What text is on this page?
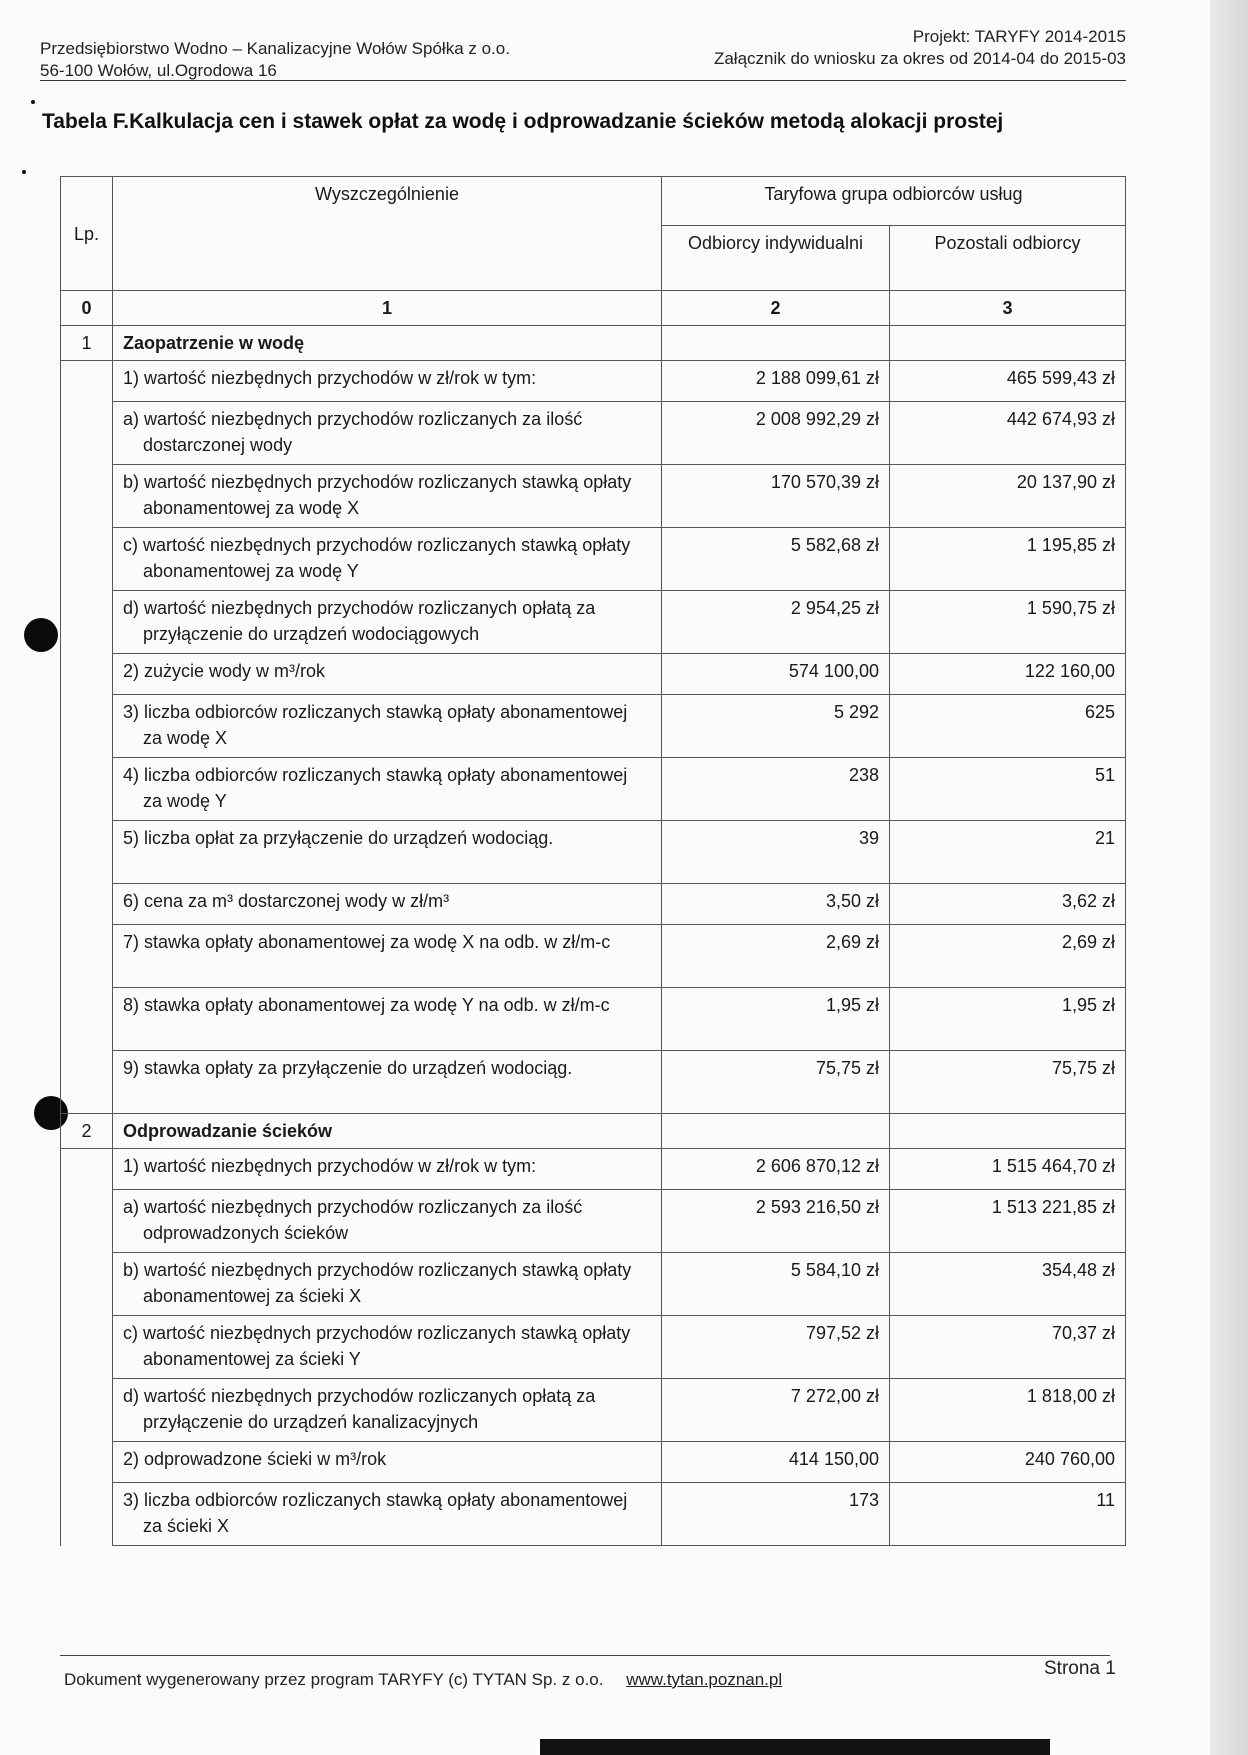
Przedsiębiorstwo Wodno – Kanalizacyjne Wołów Spółka z o.o.
56-100 Wołów, ul.Ogrodowa 16
Projekt: TARYFY 2014-2015
Załącznik do wniosku za okres od 2014-04 do 2015-03
Tabela F.Kalkulacja cen i stawek opłat za wodę i odprowadzanie ścieków metodą alokacji prostej
Lp.	Wyszczególnienie	Taryfowa grupa odbiorców usług	
		Odbiorcy indywidualni	Pozostali odbiorcy
0	1	2	3
1	Zaopatrzenie w wodę		

	1) wartość niezbędnych przychodów w zł/rok w tym:	2 188 099,61 zł	465 599,43 zł

	a) wartość niezbędnych przychodów rozliczanych za ilość dostarczonej wody	2 008 992,29 zł	442 674,93 zł

	b) wartość niezbędnych przychodów rozliczanych stawką opłaty abonamentowej za wodę X	170 570,39 zł	20 137,90 zł

	c) wartość niezbędnych przychodów rozliczanych stawką opłaty abonamentowej za wodę Y	5 582,68 zł	1 195,85 zł

	d) wartość niezbędnych przychodów rozliczanych opłatą za przyłączenie do urządzeń wodociągowych	2 954,25 zł	1 590,75 zł

	2) zużycie wody w m³/rok	574 100,00	122 160,00

	3) liczba odbiorców rozliczanych stawką opłaty abonamentowej za wodę X	5 292	625

	4) liczba odbiorców rozliczanych stawką opłaty abonamentowej za wodę Y	238	51

	5) liczba opłat za przyłączenie do urządzeń wodociąg.	39	21

	6) cena za m³ dostarczonej wody w zł/m³	3,50 zł	3,62 zł

	7) stawka opłaty abonamentowej za wodę X na odb. w zł/m-c	2,69 zł	2,69 zł

	8) stawka opłaty abonamentowej za wodę Y na odb. w zł/m-c	1,95 zł	1,95 zł

	9) stawka opłaty za przyłączenie do urządzeń wodociąg.	75,75 zł	75,75 zł
2	Odprowadzanie ścieków		

	1) wartość niezbędnych przychodów w zł/rok w tym:	2 606 870,12 zł	1 515 464,70 zł

	a) wartość niezbędnych przychodów rozliczanych za ilość odprowadzonych ścieków	2 593 216,50 zł	1 513 221,85 zł

	b) wartość niezbędnych przychodów rozliczanych stawką opłaty abonamentowej za ścieki X	5 584,10 zł	354,48 zł

	c) wartość niezbędnych przychodów rozliczanych stawką opłaty abonamentowej za ścieki Y	797,52 zł	70,37 zł

	d) wartość niezbędnych przychodów rozliczanych opłatą za przyłączenie do urządzeń kanalizacyjnych	7 272,00 zł	1 818,00 zł

	2) odprowadzone ścieki w m³/rok	414 150,00	240 760,00

	3) liczba odbiorców rozliczanych stawką opłaty abonamentowej za ścieki X	173	11
Dokument wygenerowany przez program TARYFY (c) TYTAN Sp. z o.o. www.tytan.poznan.pl
Strona 1
